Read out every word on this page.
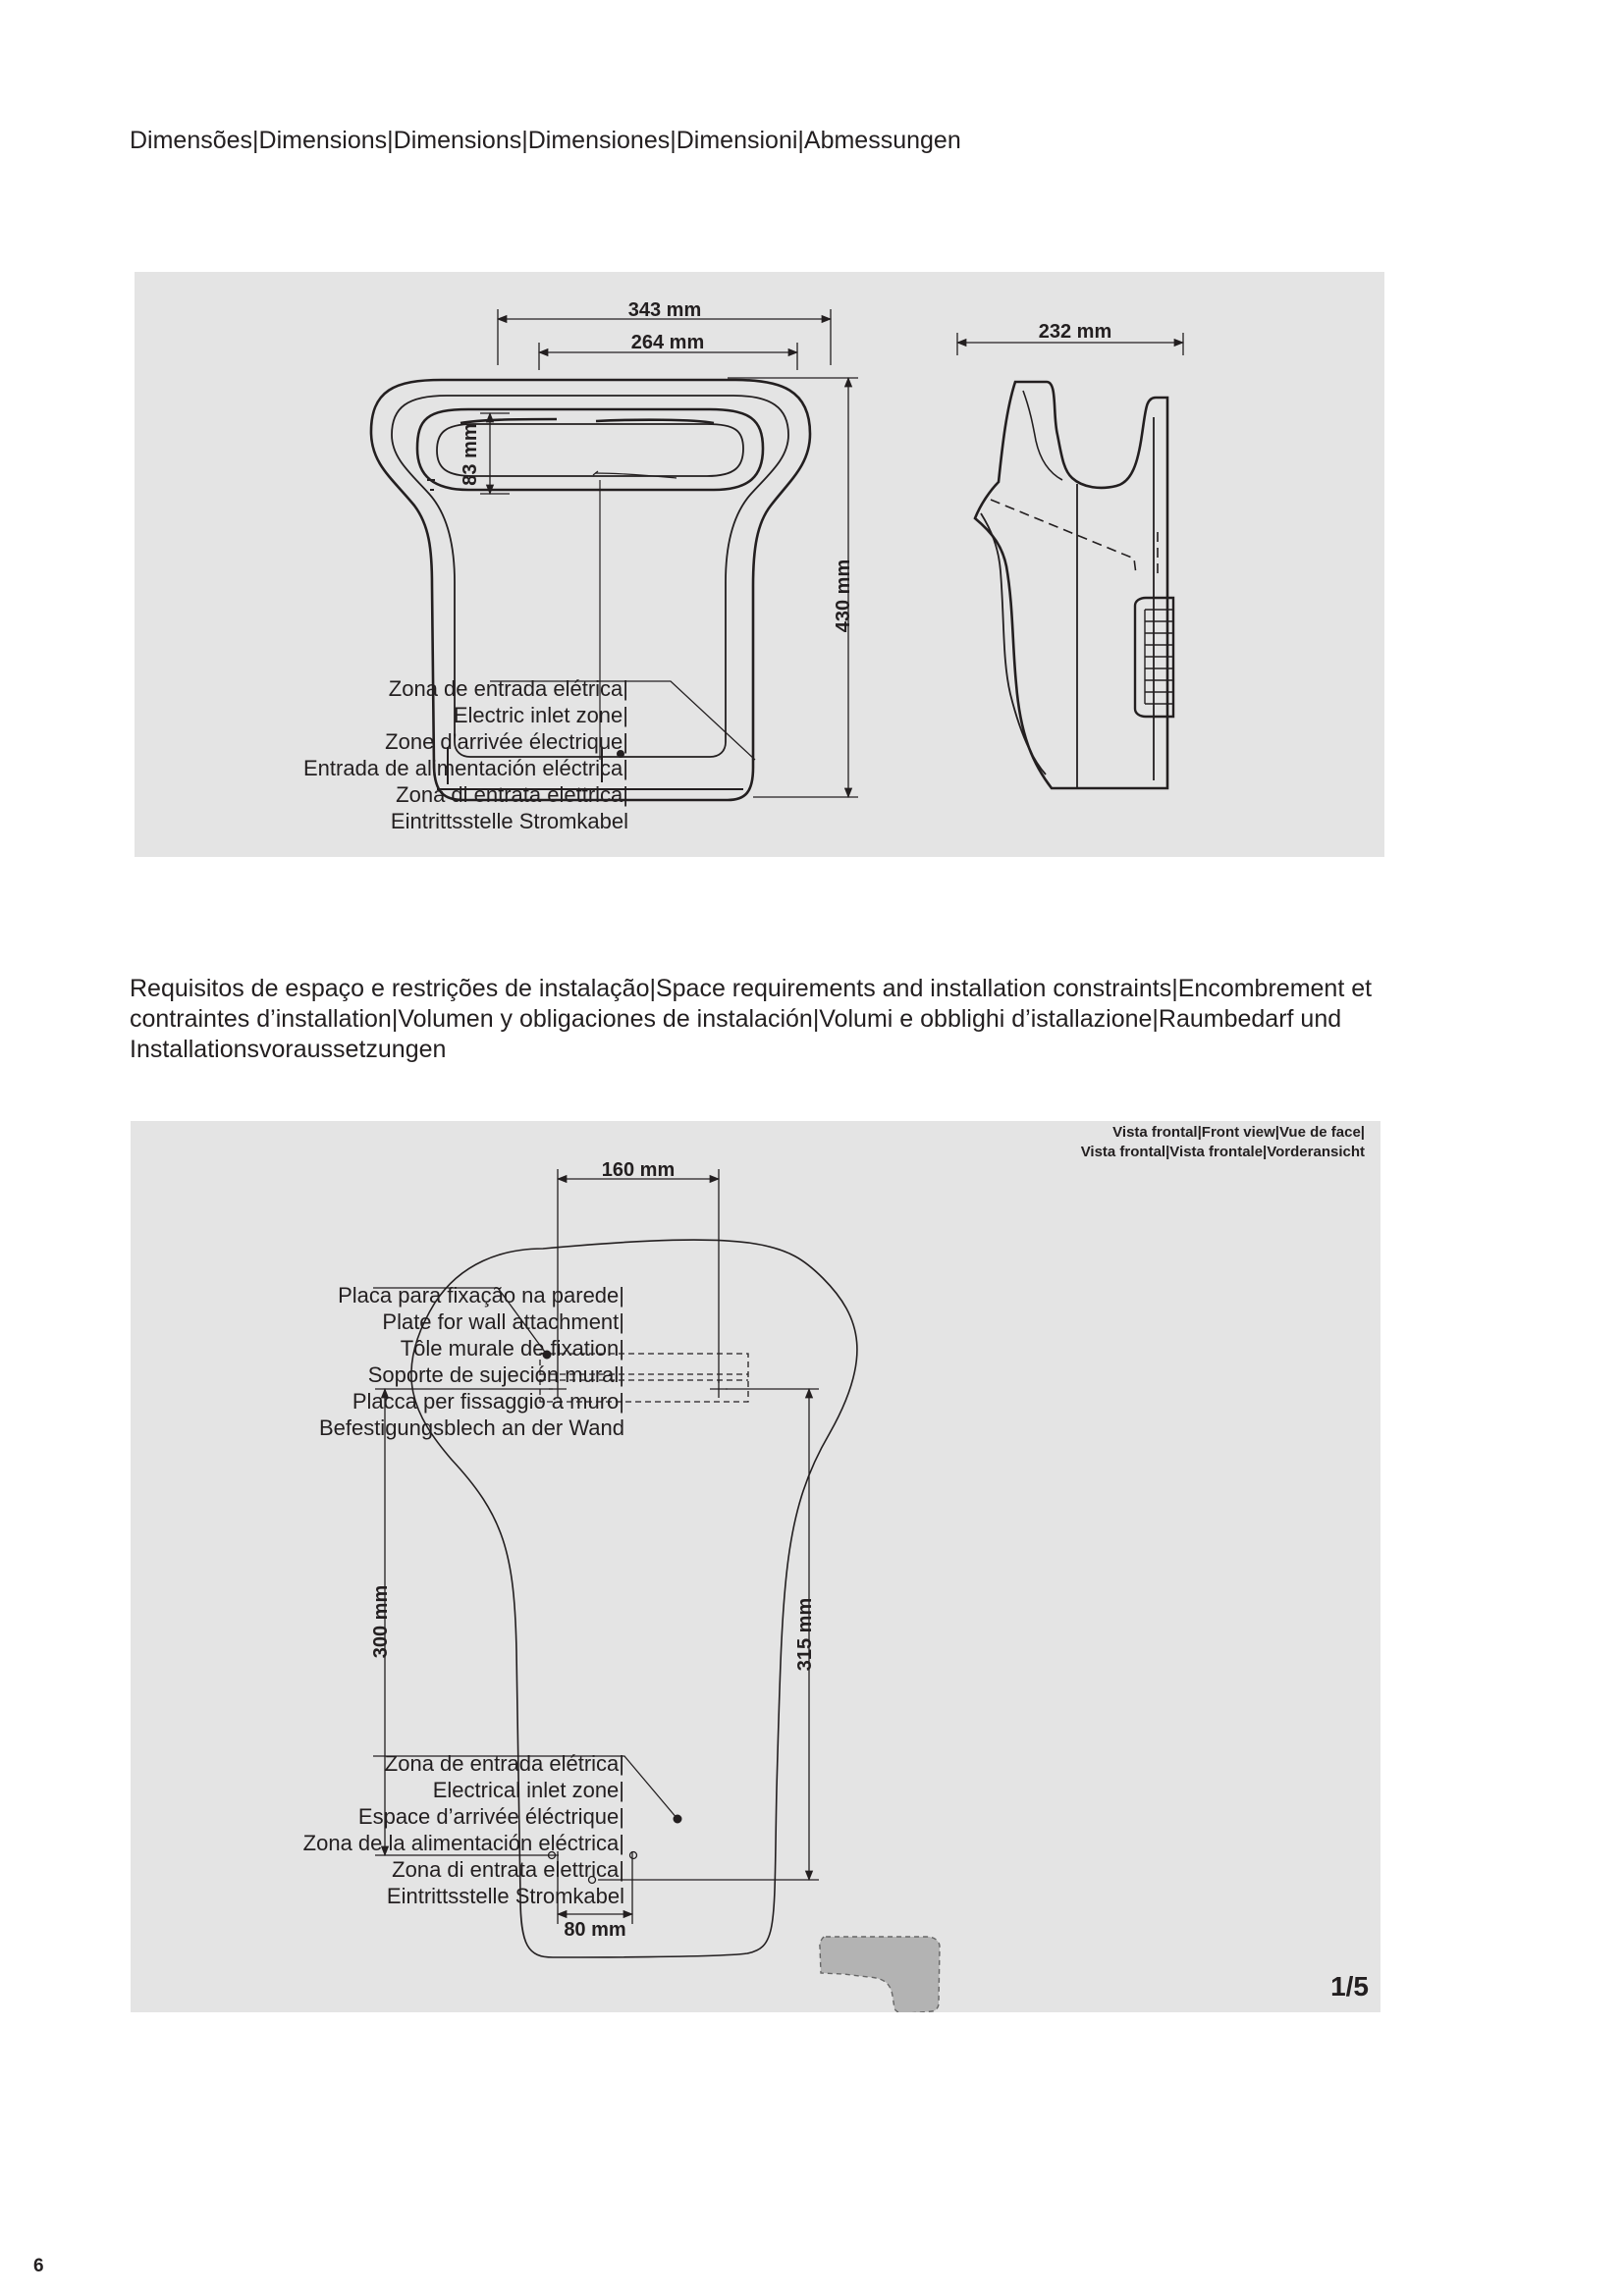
Dimensões|Dimensions|Dimensions|Dimensiones|Dimensioni|Abmessungen
343 mm
264 mm
83 mm
430 mm
232 mm
Zona de entrada elétrica|
Electric inlet zone|
Zone d’arrivée électrique|
Entrada de alimentación eléctrica|
Zona di entrata elettrica|
Eintrittsstelle Stromkabel
Requisitos de espaço e restrições de instalação|Space requirements and installation constraints|Encombrement et contraintes d’installation|Volumen y obligaciones de instalación|Volumi e obblighi d’istallazione|Raumbedarf und Installationsvoraussetzungen
160 mm
300 mm	315 mm
80 mm
Vista frontal|Front view|Vue de face|
Vista frontal|Vista frontale|Vorderansicht
Placa para fixação na parede|
Plate for wall attachment|
Tôle murale de fixation|
Soporte de sujeción mural|
Placca per fissaggio a muro|
Befestigungsblech an der Wand
Zona de entrada elétrica|
Electrical inlet zone|
Espace d’arrivée éléctrique|
Zona de la alimentación eléctrica|
Zona di entrata elettrica|
Eintrittsstelle Stromkabel
1/5
6
